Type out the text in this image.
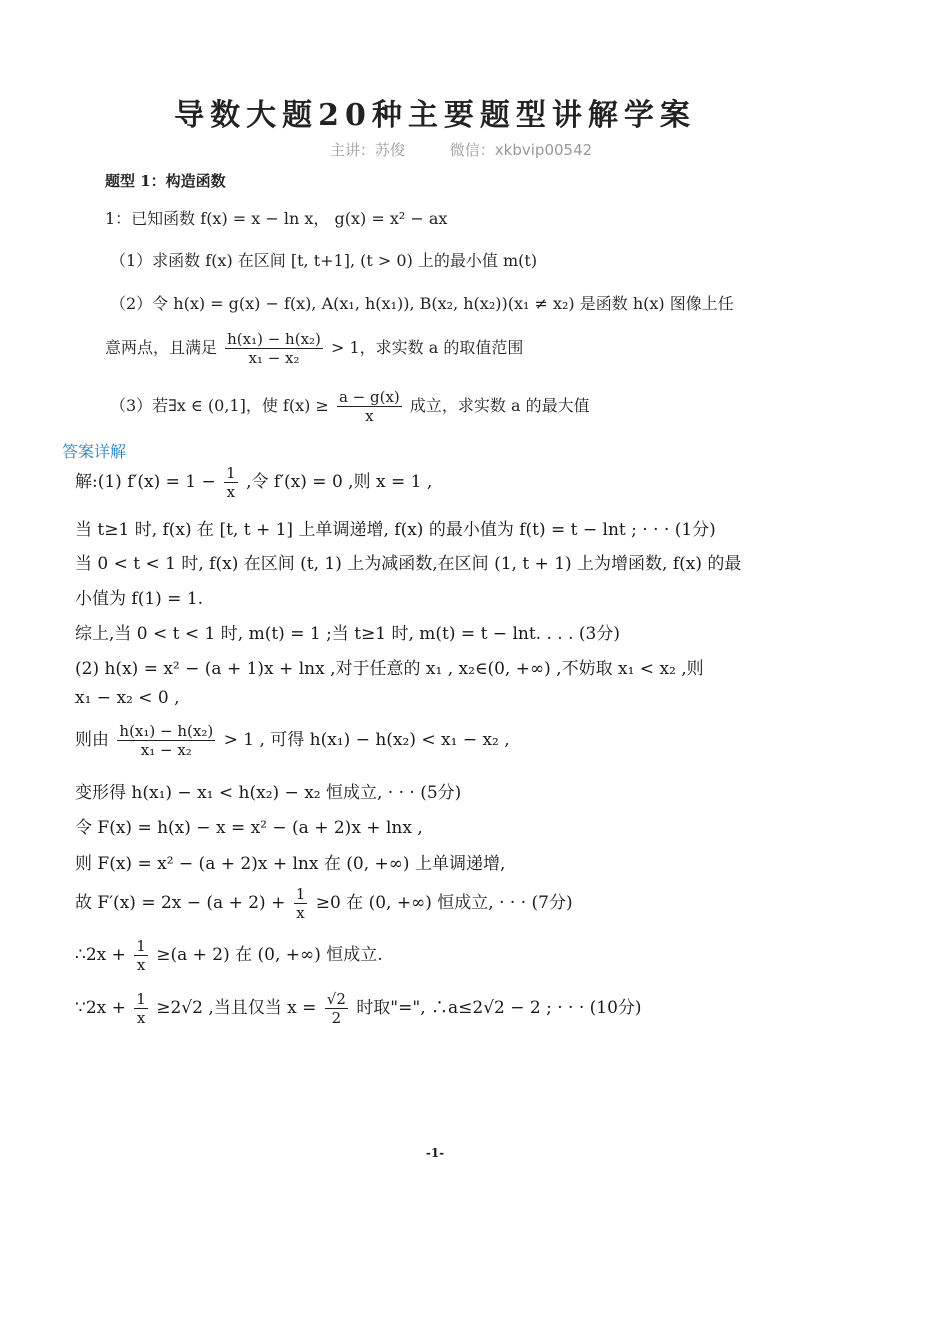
导数大题20种主要题型讲解学案
主讲：苏俊	微信：xkbvip00542
题型 1：构造函数
1：已知函数 f(x) = x − ln x， g(x) = x² − ax
（1）求函数 f(x) 在区间 [t, t+1], (t > 0) 上的最小值 m(t)
（2）令 h(x) = g(x) − f(x), A(x₁, h(x₁)), B(x₂, h(x₂))(x₁ ≠ x₂) 是函数 h(x) 图像上任
意两点，且满足 $\frac{\text{h(x₁) − h(x₂)}}{\text{x₁ − x₂}} > 1$，求实数 a 的取值范围
（3）若∃x ∈ (0,1]，使 $f(x) \ge \frac{a - g(x)}{x}$ 成立，求实数 a 的最大值
答案详解
解:(1) $f'(x) = 1 - \frac{1}{x}$ ,令 f′(x) = 0 ,则 x = 1 ,
当 t≥1 时, f(x) 在 [t, t + 1] 上单调递增, f(x) 的最小值为 f(t) = t − lnt ; · · · (1分)
当 0 < t < 1 时, f(x) 在区间 (t, 1) 上为减函数,在区间 (1, t + 1) 上为增函数, f(x) 的最
小值为 f(1) = 1.
综上,当 0 < t < 1 时, m(t) = 1 ;当 t≥1 时, m(t) = t − lnt. . . . (3分)
(2) h(x) = x² − (a + 1)x + lnx ,对于任意的 x₁ , x₂∈(0, +∞) ,不妨取 x₁ < x₂ ,则
x₁ − x₂ < 0 ,
则由 $\frac{\text{h(x₁) − h(x₂)}}{\text{x₁ − x₂}} > 1$ , 可得 h(x₁) − h(x₂) < x₁ − x₂ ,
变形得 h(x₁) − x₁ < h(x₂) − x₂ 恒成立, · · · (5分)
令 F(x) = h(x) − x = x² − (a + 2)x + lnx ,
则 F(x) = x² − (a + 2)x + lnx 在 (0, +∞) 上单调递增,
故 $F'(x) = 2x - (a + 2) + \frac{1}{x} \ge 0$ 在 (0, +∞) 恒成立, · · · (7分)
∴2x + $\frac{1}{x} \ge(a + 2)$ 在 (0, +∞) 恒成立.
∵2x + $\frac{1}{x} \ge 2√2$ ,当且仅当 $x = \frac{√2}{2}$ 时取"=", ∴a≤2√2 − 2 ; · · · (10分)
-1-
